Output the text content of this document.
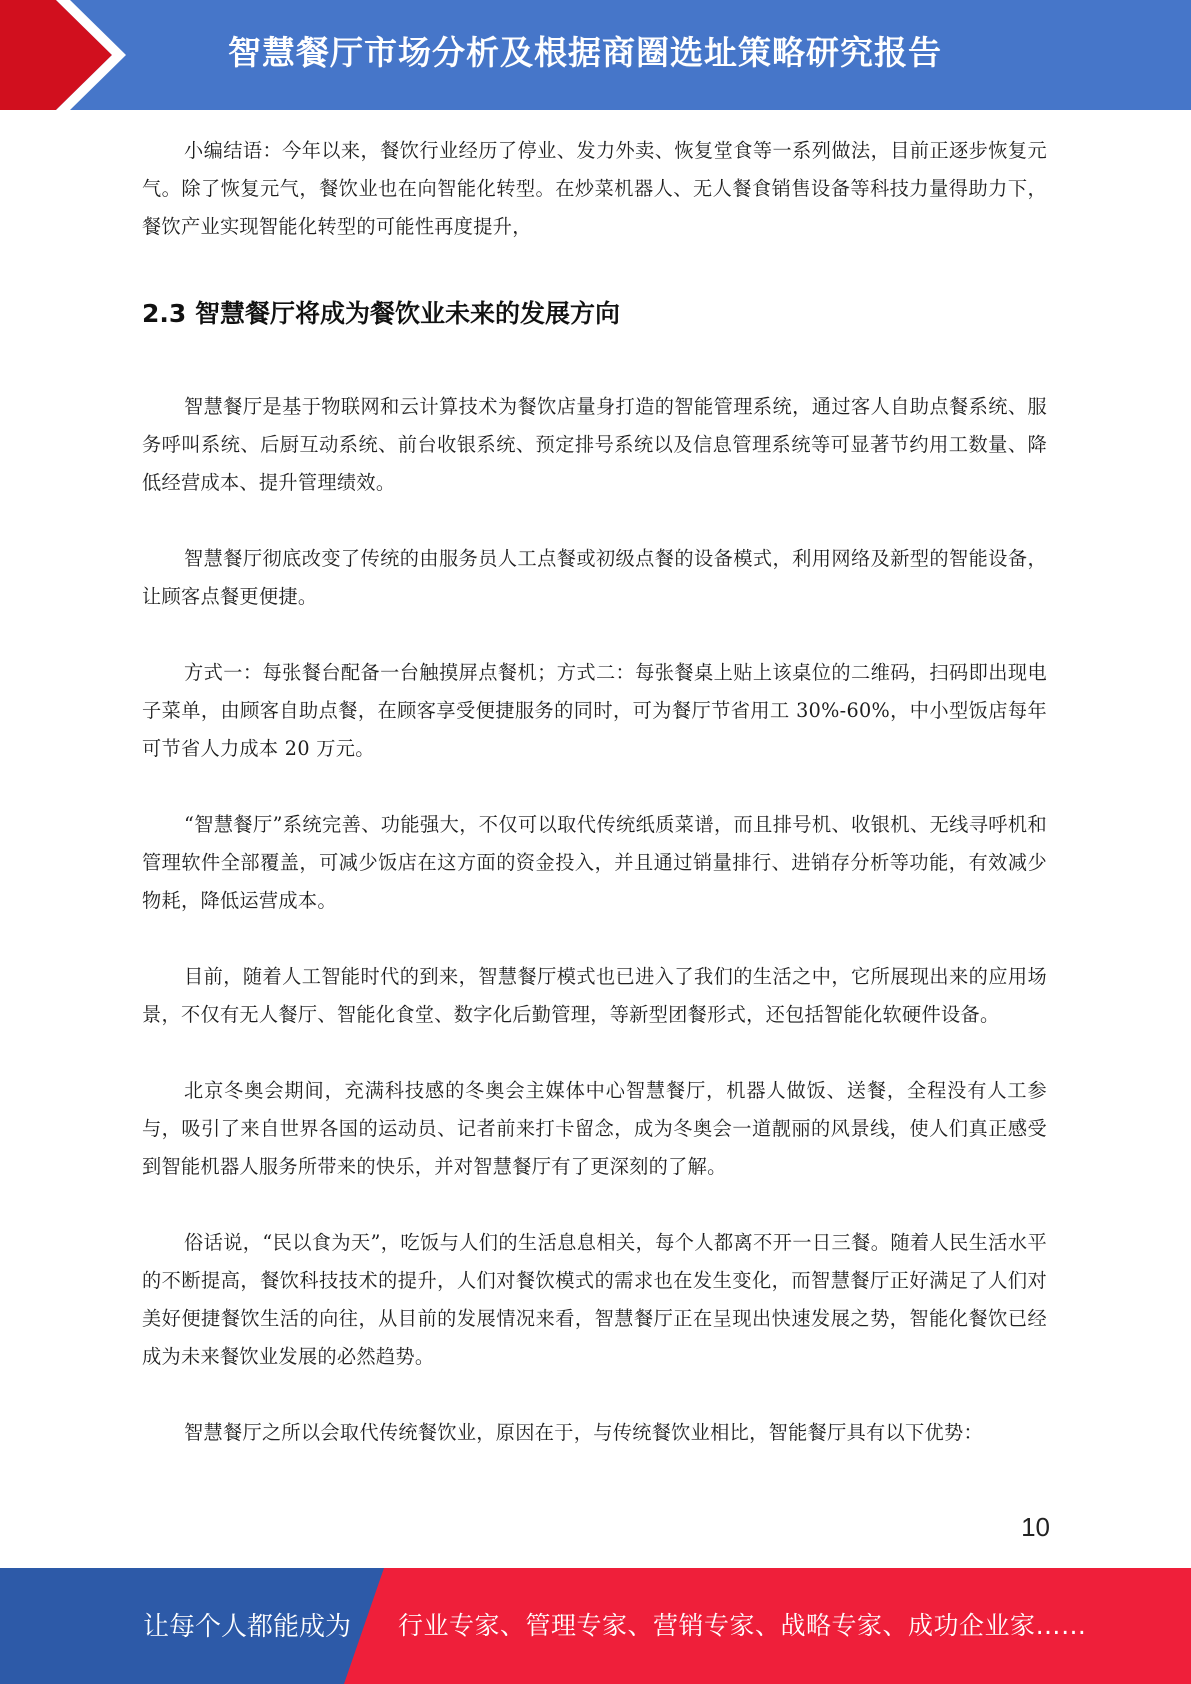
智慧餐厅市场分析及根据商圈选址策略研究报告

小编结语：今年以来，餐饮行业经历了停业、发力外卖、恢复堂食等一系列做法，目前正逐步恢复元气。除了恢复元气，餐饮业也在向智能化转型。在炒菜机器人、无人餐食销售设备等科技力量得助力下，餐饮产业实现智能化转型的可能性再度提升，

2.3 智慧餐厅将成为餐饮业未来的发展方向

智慧餐厅是基于物联网和云计算技术为餐饮店量身打造的智能管理系统，通过客人自助点餐系统、服务呼叫系统、后厨互动系统、前台收银系统、预定排号系统以及信息管理系统等可显著节约用工数量、降低经营成本、提升管理绩效。

智慧餐厅彻底改变了传统的由服务员人工点餐或初级点餐的设备模式，利用网络及新型的智能设备，让顾客点餐更便捷。

方式一：每张餐台配备一台触摸屏点餐机；方式二：每张餐桌上贴上该桌位的二维码，扫码即出现电子菜单，由顾客自助点餐，在顾客享受便捷服务的同时，可为餐厅节省用工 30%-60%，中小型饭店每年可节省人力成本 20 万元。

“智慧餐厅”系统完善、功能强大，不仅可以取代传统纸质菜谱，而且排号机、收银机、无线寻呼机和管理软件全部覆盖，可减少饭店在这方面的资金投入，并且通过销量排行、进销存分析等功能，有效减少物耗，降低运营成本。

目前，随着人工智能时代的到来，智慧餐厅模式也已进入了我们的生活之中，它所展现出来的应用场景，不仅有无人餐厅、智能化食堂、数字化后勤管理，等新型团餐形式，还包括智能化软硬件设备。

北京冬奥会期间，充满科技感的冬奥会主媒体中心智慧餐厅，机器人做饭、送餐，全程没有人工参与，吸引了来自世界各国的运动员、记者前来打卡留念，成为冬奥会一道靓丽的风景线，使人们真正感受到智能机器人服务所带来的快乐，并对智慧餐厅有了更深刻的了解。

俗话说，“民以食为天”，吃饭与人们的生活息息相关，每个人都离不开一日三餐。随着人民生活水平的不断提高，餐饮科技技术的提升，人们对餐饮模式的需求也在发生变化，而智慧餐厅正好满足了人们对美好便捷餐饮生活的向往，从目前的发展情况来看，智慧餐厅正在呈现出快速发展之势，智能化餐饮已经成为未来餐饮业发展的必然趋势。

智慧餐厅之所以会取代传统餐饮业，原因在于，与传统餐饮业相比，智能餐厅具有以下优势：

10
让每个人都能成为 行业专家、管理专家、营销专家、战略专家、成功企业家……
